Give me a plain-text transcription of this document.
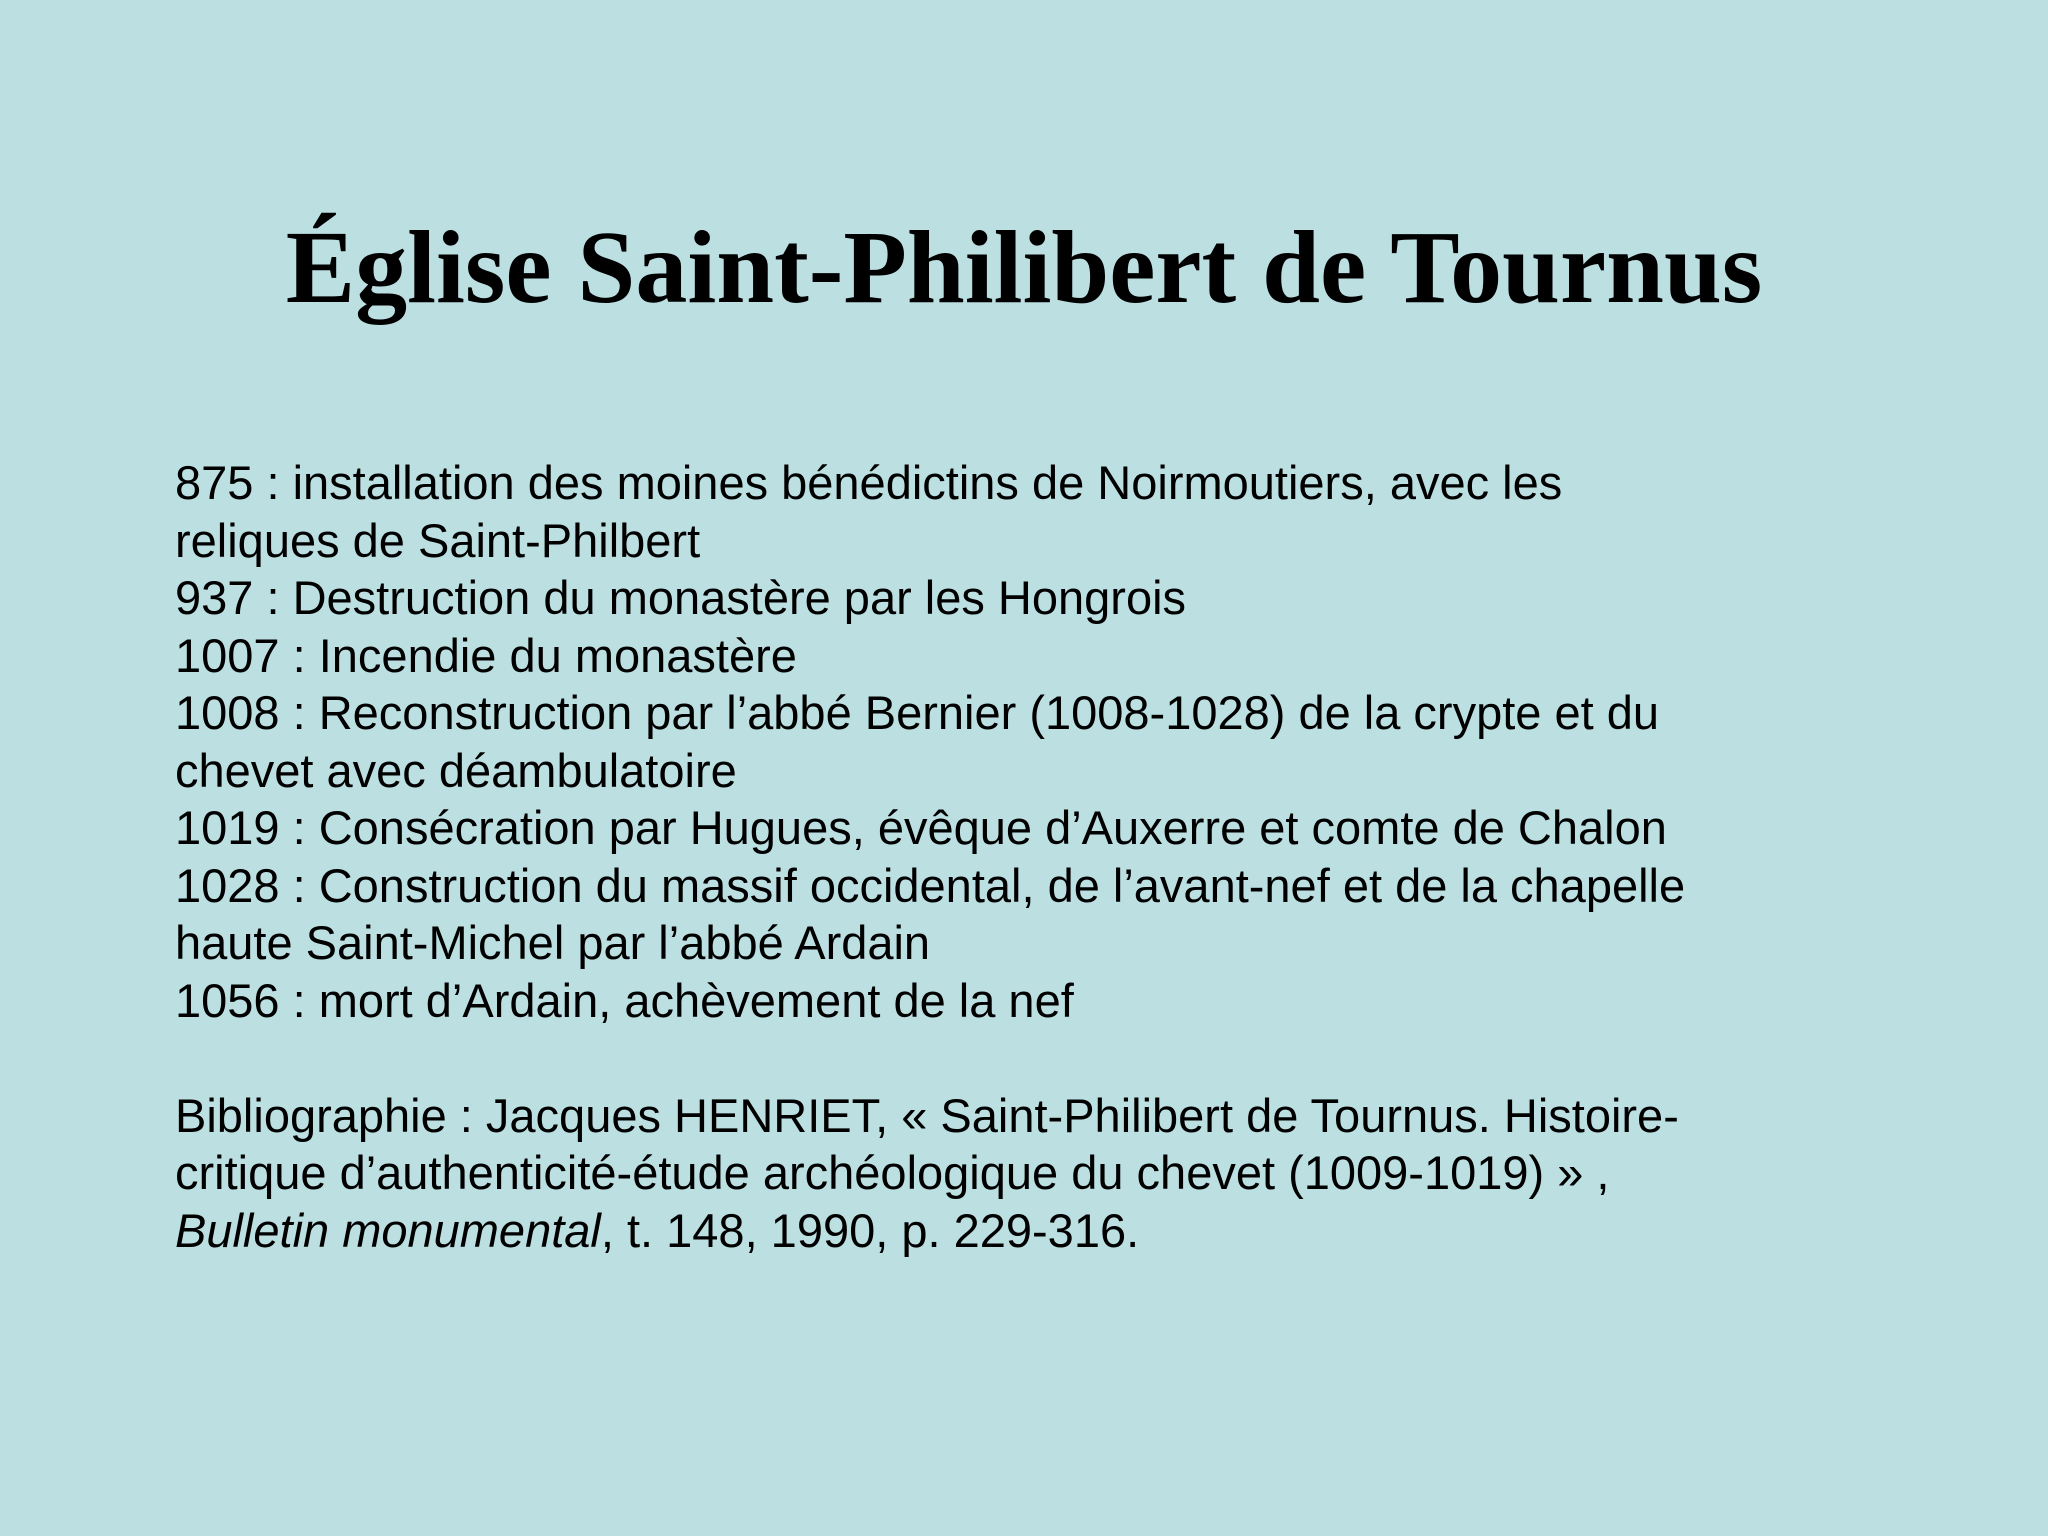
Église Saint-Philibert de Tournus

875 : installation des moines bénédictins de Noirmoutiers, avec les
reliques de Saint-Philbert

937 : Destruction du monastère par les Hongrois

1007 : Incendie du monastère

1008 : Reconstruction par l’abbé Bernier (1008-1028) de la crypte et du
chevet avec déambulatoire

1019 : Consécration par Hugues, évêque d’Auxerre et comte de Chalon

1028 : Construction du massif occidental, de l’avant-nef et de la chapelle
haute Saint-Michel par l’abbé Ardain

1056 : mort d’Ardain, achèvement de la nef

Bibliographie : Jacques HENRIET, « Saint-Philibert de Tournus. Histoire-
critique d’authenticité-étude archéologique du chevet (1009-1019) » ,
Bulletin monumental, t. 148, 1990, p. 229-316.
